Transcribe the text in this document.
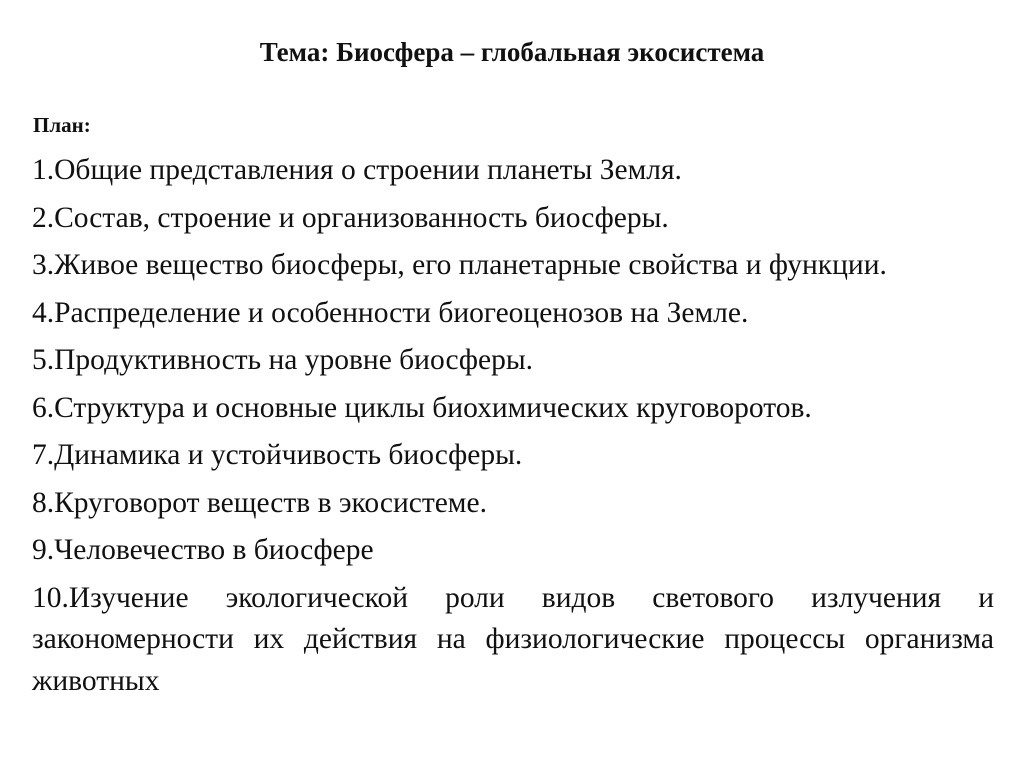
Тема: Биосфера – глобальная экосистема
План:
1.Общие представления о строении планеты Земля.
2.Состав, строение и организованность биосферы.
3.Живое вещество биосферы, его планетарные свойства и функции.
4.Распределение и особенности биогеоценозов на Земле.
5.Продуктивность на уровне биосферы.
6.Структура и основные циклы биохимических круговоротов.
7.Динамика и устойчивость биосферы.
8.Круговорот веществ в экосистеме.
9.Человечество в биосфере
10.Изучение экологической роли видов светового излучения и закономерности их действия на физиологические процессы организма животных
